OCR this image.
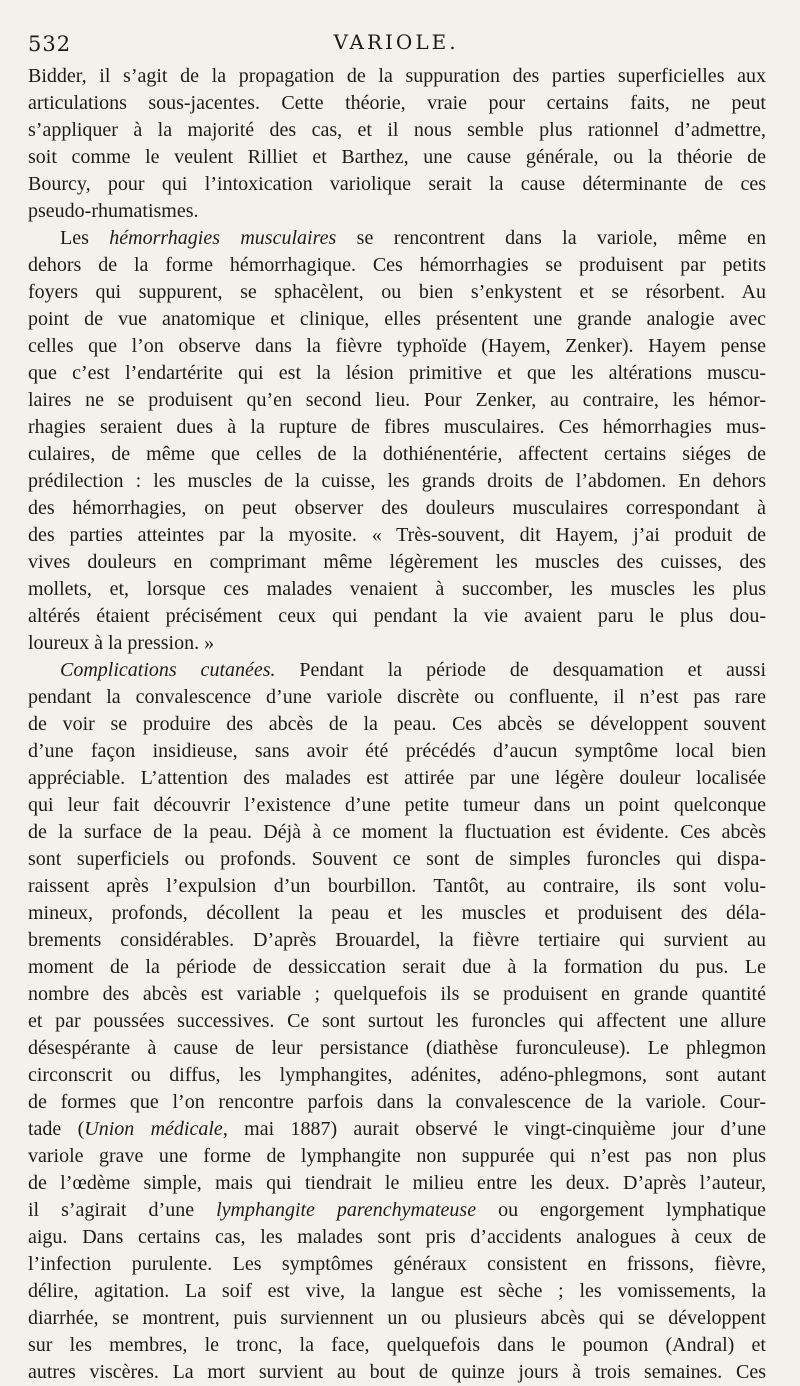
532	VARIOLE.
Bidder, il s’agit de la propagation de la suppuration des parties superficielles aux
articulations sous-jacentes. Cette théorie, vraie pour certains faits, ne peut
s’appliquer à la majorité des cas, et il nous semble plus rationnel d’admettre,
soit comme le veulent Rilliet et Barthez, une cause générale, ou la théorie de
Bourcy, pour qui l’intoxication variolique serait la cause déterminante de ces
pseudo-rhumatismes.
Les hémorrhagies musculaires se rencontrent dans la variole, même en
dehors de la forme hémorrhagique. Ces hémorrhagies se produisent par petits
foyers qui suppurent, se sphacèlent, ou bien s’enkystent et se résorbent. Au
point de vue anatomique et clinique, elles présentent une grande analogie avec
celles que l’on observe dans la fièvre typhoïde (Hayem, Zenker). Hayem pense
que c’est l’endartérite qui est la lésion primitive et que les altérations muscu-
laires ne se produisent qu’en second lieu. Pour Zenker, au contraire, les hémor-
rhagies seraient dues à la rupture de fibres musculaires. Ces hémorrhagies mus-
culaires, de même que celles de la dothiénentérie, affectent certains siéges de
prédilection : les muscles de la cuisse, les grands droits de l’abdomen. En dehors
des hémorrhagies, on peut observer des douleurs musculaires correspondant à
des parties atteintes par la myosite. « Très-souvent, dit Hayem, j’ai produit de
vives douleurs en comprimant même légèrement les muscles des cuisses, des
mollets, et, lorsque ces malades venaient à succomber, les muscles les plus
altérés étaient précisément ceux qui pendant la vie avaient paru le plus dou-
loureux à la pression. »
Complications cutanées. Pendant la période de desquamation et aussi
pendant la convalescence d’une variole discrète ou confluente, il n’est pas rare
de voir se produire des abcès de la peau. Ces abcès se développent souvent
d’une façon insidieuse, sans avoir été précédés d’aucun symptôme local bien
appréciable. L’attention des malades est attirée par une légère douleur localisée
qui leur fait découvrir l’existence d’une petite tumeur dans un point quelconque
de la surface de la peau. Déjà à ce moment la fluctuation est évidente. Ces abcès
sont superficiels ou profonds. Souvent ce sont de simples furoncles qui dispa-
raissent après l’expulsion d’un bourbillon. Tantôt, au contraire, ils sont volu-
mineux, profonds, décollent la peau et les muscles et produisent des déla-
brements considérables. D’après Brouardel, la fièvre tertiaire qui survient au
moment de la période de dessiccation serait due à la formation du pus. Le
nombre des abcès est variable ; quelquefois ils se produisent en grande quantité
et par poussées successives. Ce sont surtout les furoncles qui affectent une allure
désespérante à cause de leur persistance (diathèse furonculeuse). Le phlegmon
circonscrit ou diffus, les lymphangites, adénites, adéno-phlegmons, sont autant
de formes que l’on rencontre parfois dans la convalescence de la variole. Cour-
tade (Union médicale, mai 1887) aurait observé le vingt-cinquième jour d’une
variole grave une forme de lymphangite non suppurée qui n’est pas non plus
de l’œdème simple, mais qui tiendrait le milieu entre les deux. D’après l’auteur,
il s’agirait d’une lymphangite parenchymateuse ou engorgement lymphatique
aigu. Dans certains cas, les malades sont pris d’accidents analogues à ceux de
l’infection purulente. Les symptômes généraux consistent en frissons, fièvre,
délire, agitation. La soif est vive, la langue est sèche ; les vomissements, la
diarrhée, se montrent, puis surviennent un ou plusieurs abcès qui se développent
sur les membres, le tronc, la face, quelquefois dans le poumon (Andral) et
autres viscères. La mort survient au bout de quinze jours à trois semaines. Ces
